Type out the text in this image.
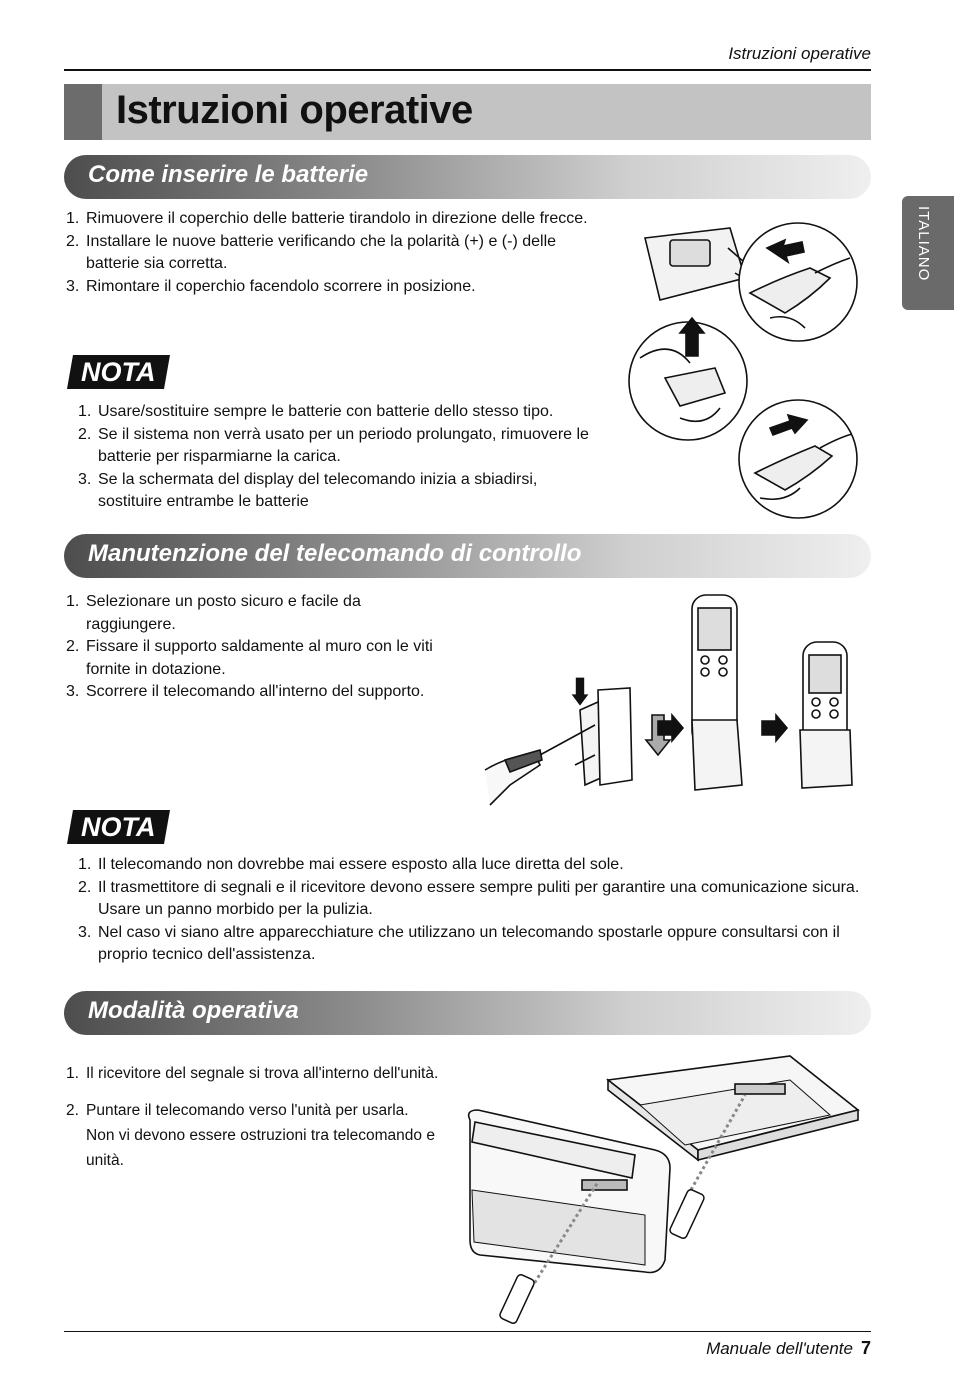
Istruzioni operative
Istruzioni operative
ITALIANO
Come inserire le batterie
1. Rimuovere il coperchio delle batterie tirandolo in direzione delle frecce.
2. Installare le nuove batterie verificando che la polarità (+) e (-) delle batterie sia corretta.
3. Rimontare il coperchio facendolo scorrere in posizione.
NOTA
1. Usare/sostituire sempre le batterie con batterie dello stesso tipo.
2. Se il sistema non verrà usato per un periodo prolungato, rimuovere le batterie per risparmiarne la carica.
3. Se la schermata del display del telecomando inizia a sbiadirsi, sostituire entrambe le batterie
Manutenzione del telecomando di controllo
1. Selezionare un posto sicuro e facile da raggiungere.
2. Fissare il supporto saldamente al muro con le viti fornite in dotazione.
3. Scorrere il telecomando all'interno del supporto.
NOTA
1. Il telecomando non dovrebbe mai essere esposto alla luce diretta del sole.
2. Il trasmettitore di segnali e il ricevitore devono essere sempre puliti per garantire una comunicazione sicura. Usare un panno morbido per la pulizia.
3. Nel caso vi siano altre apparecchiature che utilizzano un telecomando spostarle oppure consultarsi con il proprio tecnico dell'assistenza.
Modalità operativa
1. Il ricevitore del segnale si trova all'interno dell'unità.
2. Puntare il telecomando verso l'unità per usarla.
Non vi devono essere ostruzioni tra telecomando e unità.
Manuale dell'utente 7
